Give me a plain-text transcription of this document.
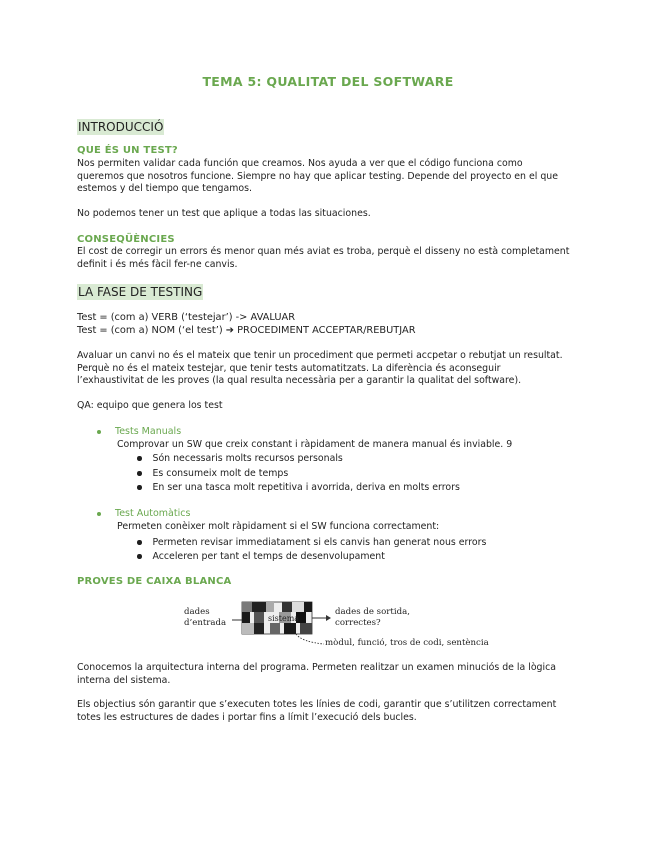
TEMA 5: QUALITAT DEL SOFTWARE
INTRODUCCIÓ
QUE ÉS UN TEST?
Nos permiten validar cada función que creamos. Nos ayuda a ver que el código funciona como
queremos que nosotros funcione. Siempre no hay que aplicar testing. Depende del proyecto en el que
estemos y del tiempo que tengamos.
No podemos tener un test que aplique a todas las situaciones.
CONSEQÜÈNCIES
El cost de corregir un errors és menor quan més aviat es troba, perquè el disseny no està completament
definit i és més fàcil fer-ne canvis.
LA FASE DE TESTING
Test = (com a) VERB (‘testejar’) -> AVALUAR
Test = (com a) NOM (‘el test’) ➔ PROCEDIMENT ACCEPTAR/REBUTJAR
Avaluar un canvi no és el mateix que tenir un procediment que permeti accpetar o rebutjat un resultat.
Perquè no és el mateix testejar, que tenir tests automatitzats. La diferència és aconseguir
l’exhaustivitat de les proves (la qual resulta necessària per a garantir la qualitat del software).
QA: equipo que genera los test
Tests Manuals
Comprovar un SW que creix constant i ràpidament de manera manual és inviable. 9
Són necessaris molts recursos personals
Es consumeix molt de temps
En ser una tasca molt repetitiva i avorrida, deriva en molts errors
Test Automàtics
Permeten conèixer molt ràpidament si el SW funciona correctament:
Permeten revisar immediatament si els canvis han generat nous errors
Acceleren per tant el temps de desenvolupament
PROVES DE CAIXA BLANCA
dades
d’entrada	sistema
dades de sortida,
correctes?
mòdul, funció, tros de codi, sentència
Conocemos la arquitectura interna del programa. Permeten realitzar un examen minuciós de la lògica
interna del sistema.
Els objectius són garantir que s’executen totes les línies de codi, garantir que s’utilitzen correctament
totes les estructures de dades i portar fins a límit l’execució dels bucles.
